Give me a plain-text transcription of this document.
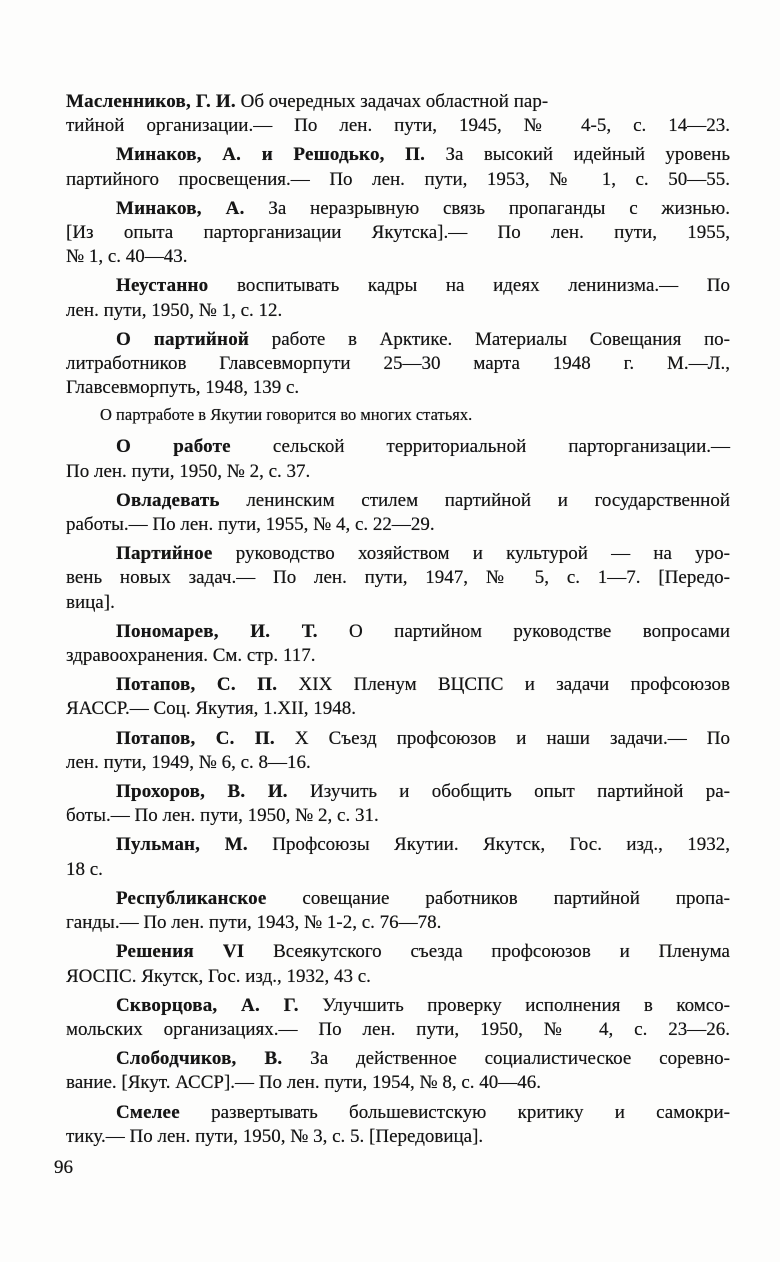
Масленников, Г. И. Об очередных задачах областной пар-
тийной организации.— По лен. пути, 1945, № 4-5, с. 14—23.

Минаков, А. и Решодько, П. За высокий идейный уровень
партийного просвещения.— По лен. пути, 1953, № 1, с. 50—55.

Минаков, А. За неразрывную связь пропаганды с жизнью.
[Из опыта парторганизации Якутска].— По лен. пути, 1955,
№ 1, с. 40—43.

Неустанно воспитывать кадры на идеях ленинизма.— По
лен. пути, 1950, № 1, с. 12.

О партийной работе в Арктике. Материалы Совещания по-
литработников Главсевморпути 25—30 марта 1948 г. М.—Л.,
Главсевморпуть, 1948, 139 с.

О партработе в Якутии говорится во многих статьях.

О работе сельской территориальной парторганизации.—
По лен. пути, 1950, № 2, с. 37.

Овладевать ленинским стилем партийной и государственной
работы.— По лен. пути, 1955, № 4, с. 22—29.

Партийное руководство хозяйством и культурой — на уро-
вень новых задач.— По лен. пути, 1947, № 5, с. 1—7. [Передо-
вица].

Пономарев, И. Т. О партийном руководстве вопросами
здравоохранения. См. стр. 117.

Потапов, С. П. XIX Пленум ВЦСПС и задачи профсоюзов
ЯАССР.— Соц. Якутия, 1.XII, 1948.

Потапов, С. П. X Съезд профсоюзов и наши задачи.— По
лен. пути, 1949, № 6, с. 8—16.

Прохоров, В. И. Изучить и обобщить опыт партийной ра-
боты.— По лен. пути, 1950, № 2, с. 31.

Пульман, М. Профсоюзы Якутии. Якутск, Гос. изд., 1932,
18 с.

Республиканское совещание работников партийной пропа-
ганды.— По лен. пути, 1943, № 1-2, с. 76—78.

Решения VI Всеякутского съезда профсоюзов и Пленума
ЯОСПС. Якутск, Гос. изд., 1932, 43 с.

Скворцова, А. Г. Улучшить проверку исполнения в комсо-
мольских организациях.— По лен. пути, 1950, № 4, с. 23—26.

Слободчиков, В. За действенное социалистическое соревно-
вание. [Якут. АССР].— По лен. пути, 1954, № 8, с. 40—46.

Смелее развертывать большевистскую критику и самокри-
тику.— По лен. пути, 1950, № 3, с. 5. [Передовица].

96
